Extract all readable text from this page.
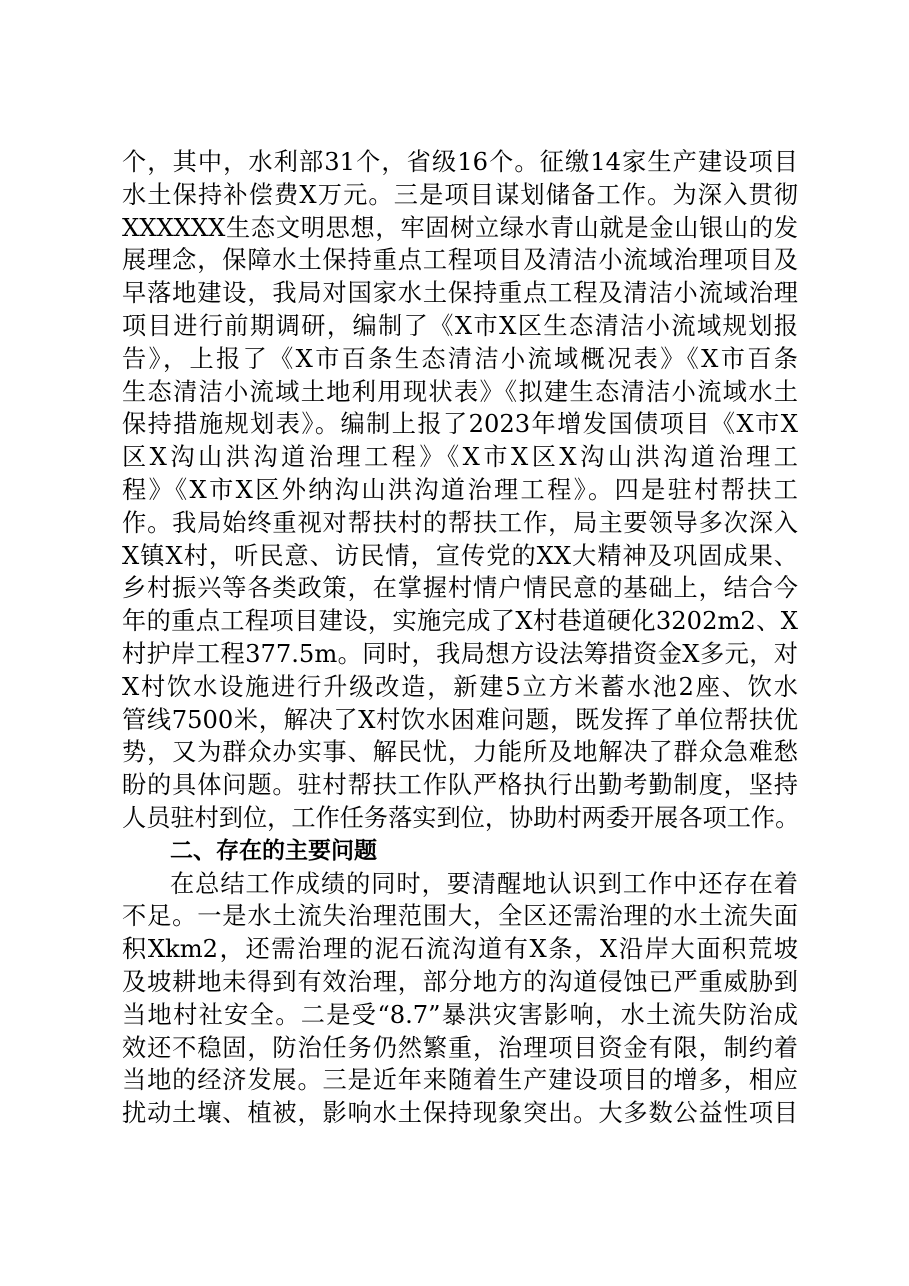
个，其中，水利部31个，省级16个。征缴14家生产建设项目
水土保持补偿费X万元。三是项目谋划储备工作。为深入贯彻
XXXXXX生态文明思想，牢固树立绿水青山就是金山银山的发
展理念，保障水土保持重点工程项目及清洁小流域治理项目及
早落地建设，我局对国家水土保持重点工程及清洁小流域治理
项目进行前期调研，编制了《X市X区生态清洁小流域规划报
告》，上报了《X市百条生态清洁小流域概况表》《X市百条
生态清洁小流域土地利用现状表》《拟建生态清洁小流域水土
保持措施规划表》。编制上报了2023年增发国债项目《X市X
区X沟山洪沟道治理工程》《X市X区X沟山洪沟道治理工
程》《X市X区外纳沟山洪沟道治理工程》。四是驻村帮扶工
作。我局始终重视对帮扶村的帮扶工作，局主要领导多次深入
X镇X村，听民意、访民情，宣传党的XX大精神及巩固成果、
乡村振兴等各类政策，在掌握村情户情民意的基础上，结合今
年的重点工程项目建设，实施完成了X村巷道硬化3202m2、X
村护岸工程377.5m。同时，我局想方设法筹措资金X多元，对
X村饮水设施进行升级改造，新建5立方米蓄水池2座、饮水
管线7500米，解决了X村饮水困难问题，既发挥了单位帮扶优
势，又为群众办实事、解民忧，力能所及地解决了群众急难愁
盼的具体问题。驻村帮扶工作队严格执行出勤考勤制度，坚持
人员驻村到位，工作任务落实到位，协助村两委开展各项工作。
二、存在的主要问题
在总结工作成绩的同时，要清醒地认识到工作中还存在着
不足。一是水土流失治理范围大，全区还需治理的水土流失面
积Xkm2，还需治理的泥石流沟道有X条，X沿岸大面积荒坡
及坡耕地未得到有效治理，部分地方的沟道侵蚀已严重威胁到
当地村社安全。二是受“8.7”暴洪灾害影响，水土流失防治成
效还不稳固，防治任务仍然繁重，治理项目资金有限，制约着
当地的经济发展。三是近年来随着生产建设项目的增多，相应
扰动土壤、植被，影响水土保持现象突出。大多数公益性项目
